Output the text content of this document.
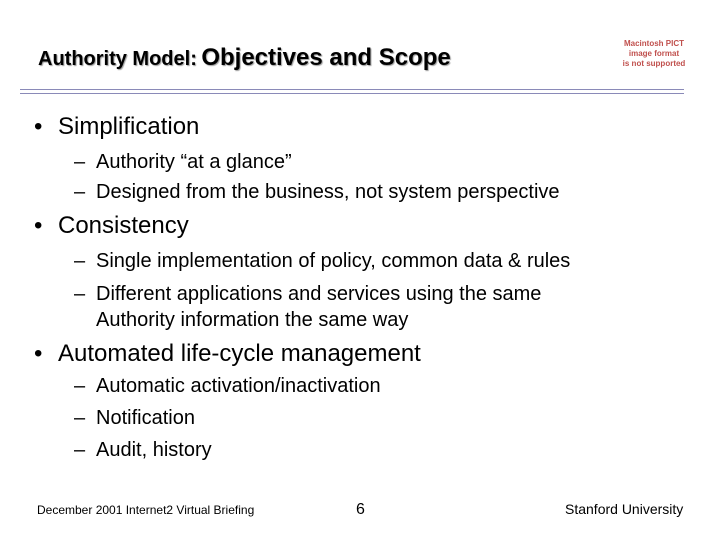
Authority Model: Objectives and Scope
Macintosh PICT
image format
is not supported
• Simplification
– Authority “at a glance”
– Designed from the business, not system perspective
• Consistency
– Single implementation of policy, common data & rules
– Different applications and services using the same
Authority information the same way
• Automated life-cycle management
– Automatic activation/inactivation
– Notification
– Audit, history
December 2001 Internet2 Virtual Briefing	6	Stanford University
